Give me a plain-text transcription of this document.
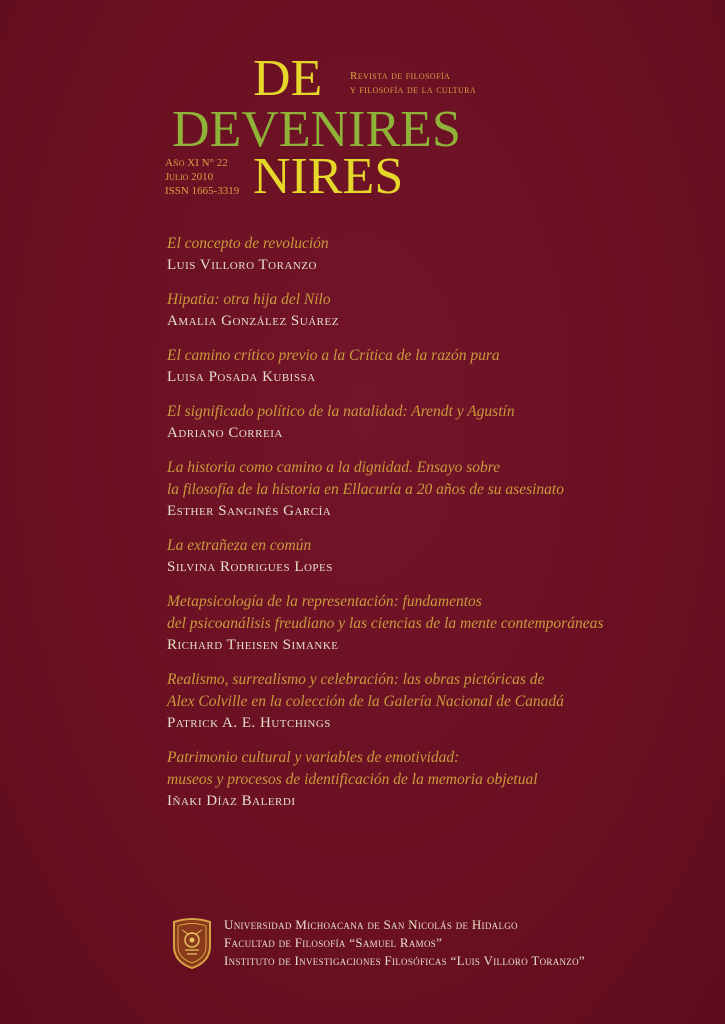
DE
DEVENIRES
NIRES
Revista de filosofía
y filosofía de la cultura
Año XI N° 22
Julio 2010
ISSN 1665-3319
El concepto de revolución
Luis Villoro Toranzo
Hipatia: otra hija del Nilo
Amalia González Suárez
El camino crítico previo a la Crítica de la razón pura
Luisa Posada Kubissa
El significado político de la natalidad: Arendt y Agustín
Adriano Correia
La historia como camino a la dignidad. Ensayo sobre
la filosofía de la historia en Ellacuría a 20 años de su asesinato
Esther Sanginés García
La extrañeza en común
Silvina Rodrigues Lopes
Metapsicología de la representación: fundamentos
del psicoanálisis freudiano y las ciencias de la mente contemporáneas
Richard Theisen Simanke
Realismo, surrealismo y celebración: las obras pictóricas de
Alex Colville en la colección de la Galería Nacional de Canadá
Patrick A. E. Hutchings
Patrimonio cultural y variables de emotividad:
museos y procesos de identificación de la memoria objetual
Iñaki Díaz Balerdi
Universidad Michoacana de San Nicolás de Hidalgo
Facultad de Filosofía “Samuel Ramos”
Instituto de Investigaciones Filosóficas “Luis Villoro Toranzo”
